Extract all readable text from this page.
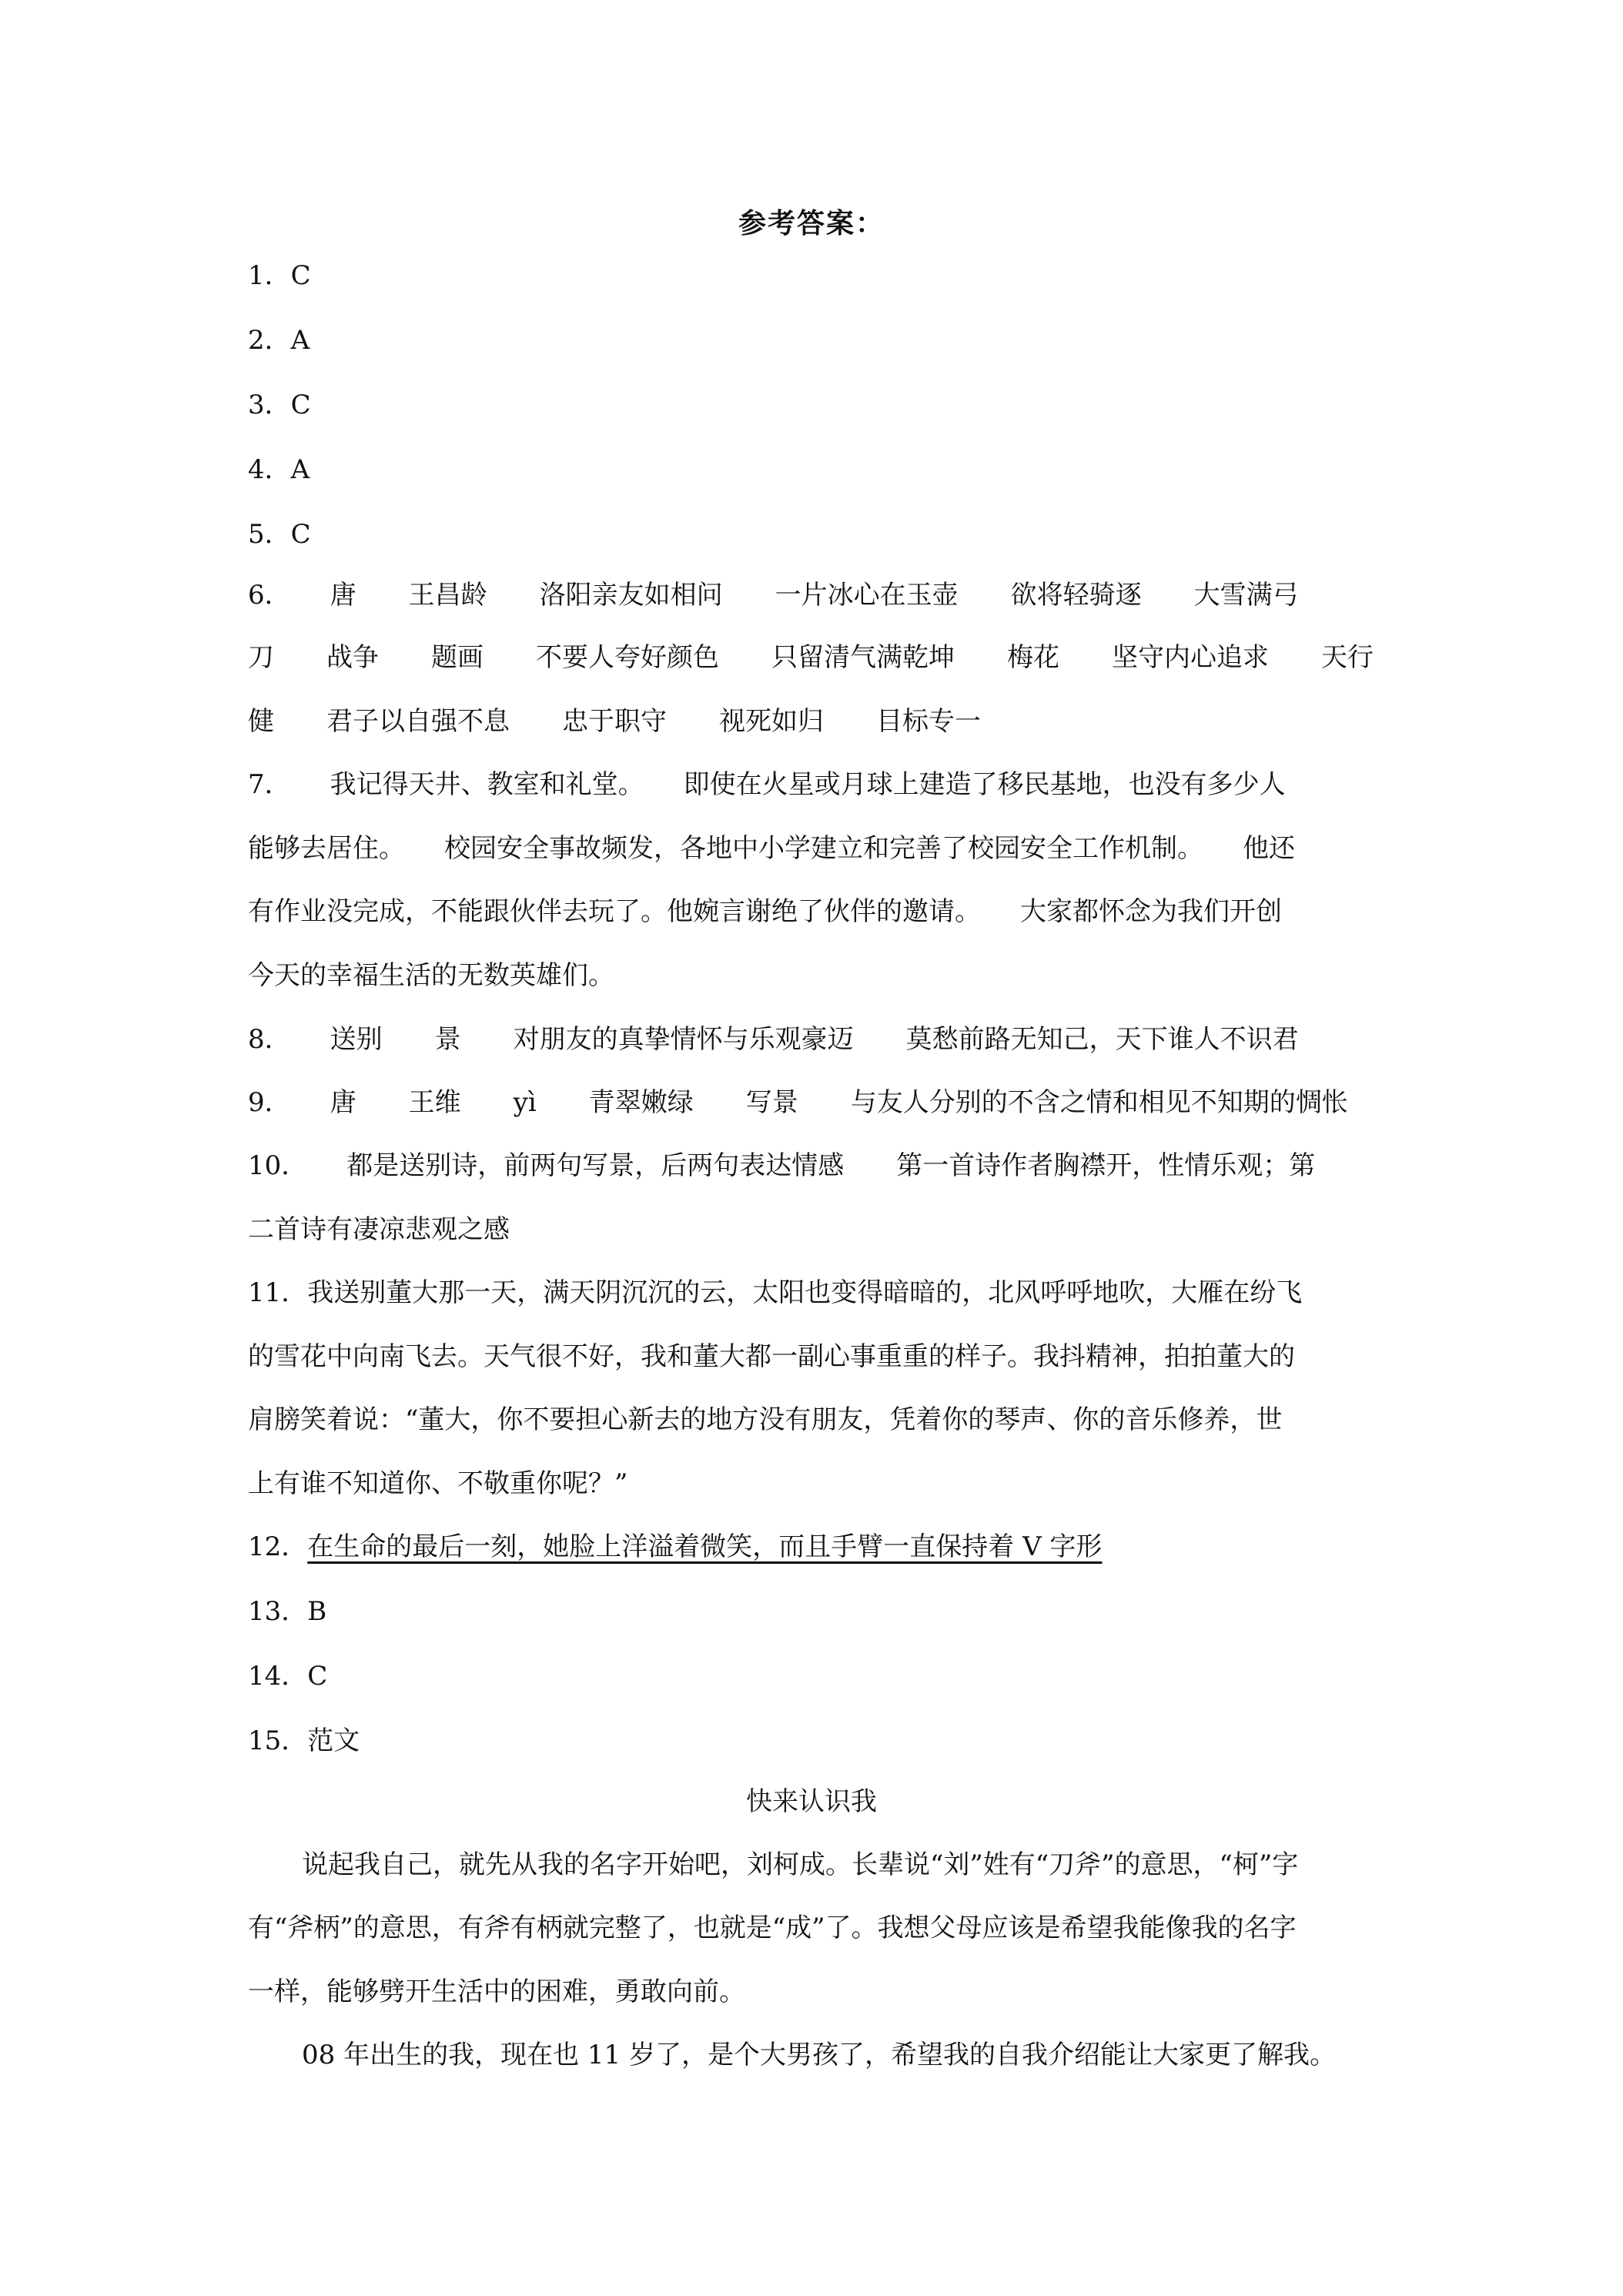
参考答案：
1．C
2．A
3．C
4．A
5．C
6．　　唐　　王昌龄　　洛阳亲友如相问　　一片冰心在玉壶　　欲将轻骑逐　　大雪满弓
刀　　战争　　题画　　不要人夸好颜色　　只留清气满乾坤　　梅花　　坚守内心追求　　天行
健　　君子以自强不息　　忠于职守　　视死如归　　目标专一
7．　　我记得天井、教室和礼堂。　　即使在火星或月球上建造了移民基地，也没有多少人
能够去居住。　　校园安全事故频发，各地中小学建立和完善了校园安全工作机制。　　他还
有作业没完成，不能跟伙伴去玩了。他婉言谢绝了伙伴的邀请。　　大家都怀念为我们开创
今天的幸福生活的无数英雄们。
8．　　送别　　景　　对朋友的真挚情怀与乐观豪迈　　莫愁前路无知己，天下谁人不识君
9．　　唐　　王维　　yì　　青翠嫩绿　　写景　　与友人分别的不含之情和相见不知期的惆怅
10．　　都是送别诗，前两句写景，后两句表达情感　　第一首诗作者胸襟开，性情乐观；第
二首诗有凄凉悲观之感
11．我送别董大那一天，满天阴沉沉的云，太阳也变得暗暗的，北风呼呼地吹，大雁在纷飞
的雪花中向南飞去。天气很不好，我和董大都一副心事重重的样子。我抖精神，拍拍董大的
肩膀笑着说：“董大，你不要担心新去的地方没有朋友，凭着你的琴声、你的音乐修养，世
上有谁不知道你、不敬重你呢？”
12．在生命的最后一刻，她脸上洋溢着微笑，而且手臂一直保持着 V 字形
13．B
14．C
15．范文
快来认识我
说起我自己，就先从我的名字开始吧，刘柯成。长辈说“刘”姓有“刀斧”的意思，“柯”字
有“斧柄”的意思，有斧有柄就完整了，也就是“成”了。我想父母应该是希望我能像我的名字
一样，能够劈开生活中的困难，勇敢向前。
08 年出生的我，现在也 11 岁了，是个大男孩了，希望我的自我介绍能让大家更了解我。
